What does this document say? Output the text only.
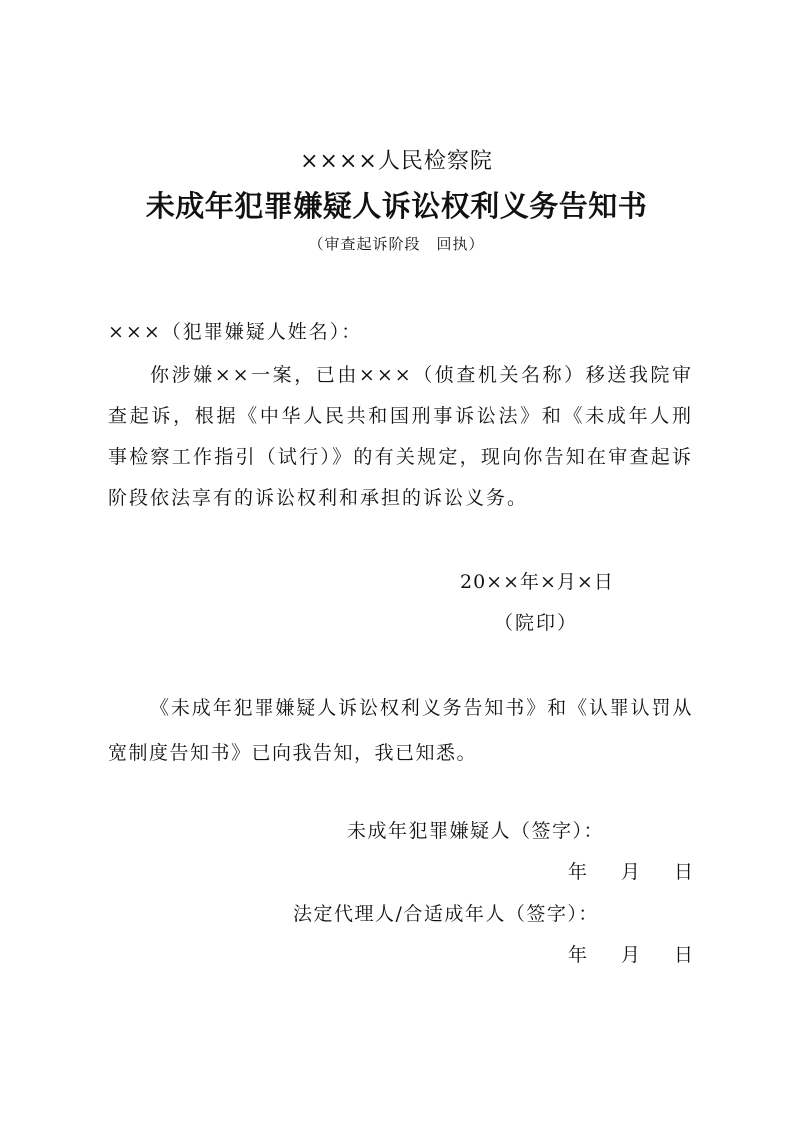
××××人民检察院
未成年犯罪嫌疑人诉讼权利义务告知书
（审查起诉阶段　回执）
×××（犯罪嫌疑人姓名）：
你涉嫌××一案，已由×××（侦查机关名称）移送我院审查起诉，根据《中华人民共和国刑事诉讼法》和《未成年人刑事检察工作指引（试行）》的有关规定，现向你告知在审查起诉阶段依法享有的诉讼权利和承担的诉讼义务。
20××年×月×日
（院印）
《未成年犯罪嫌疑人诉讼权利义务告知书》和《认罪认罚从宽制度告知书》已向我告知，我已知悉。
未成年犯罪嫌疑人（签字）：
年 月 日
法定代理人/合适成年人（签字）：
年 月 日
